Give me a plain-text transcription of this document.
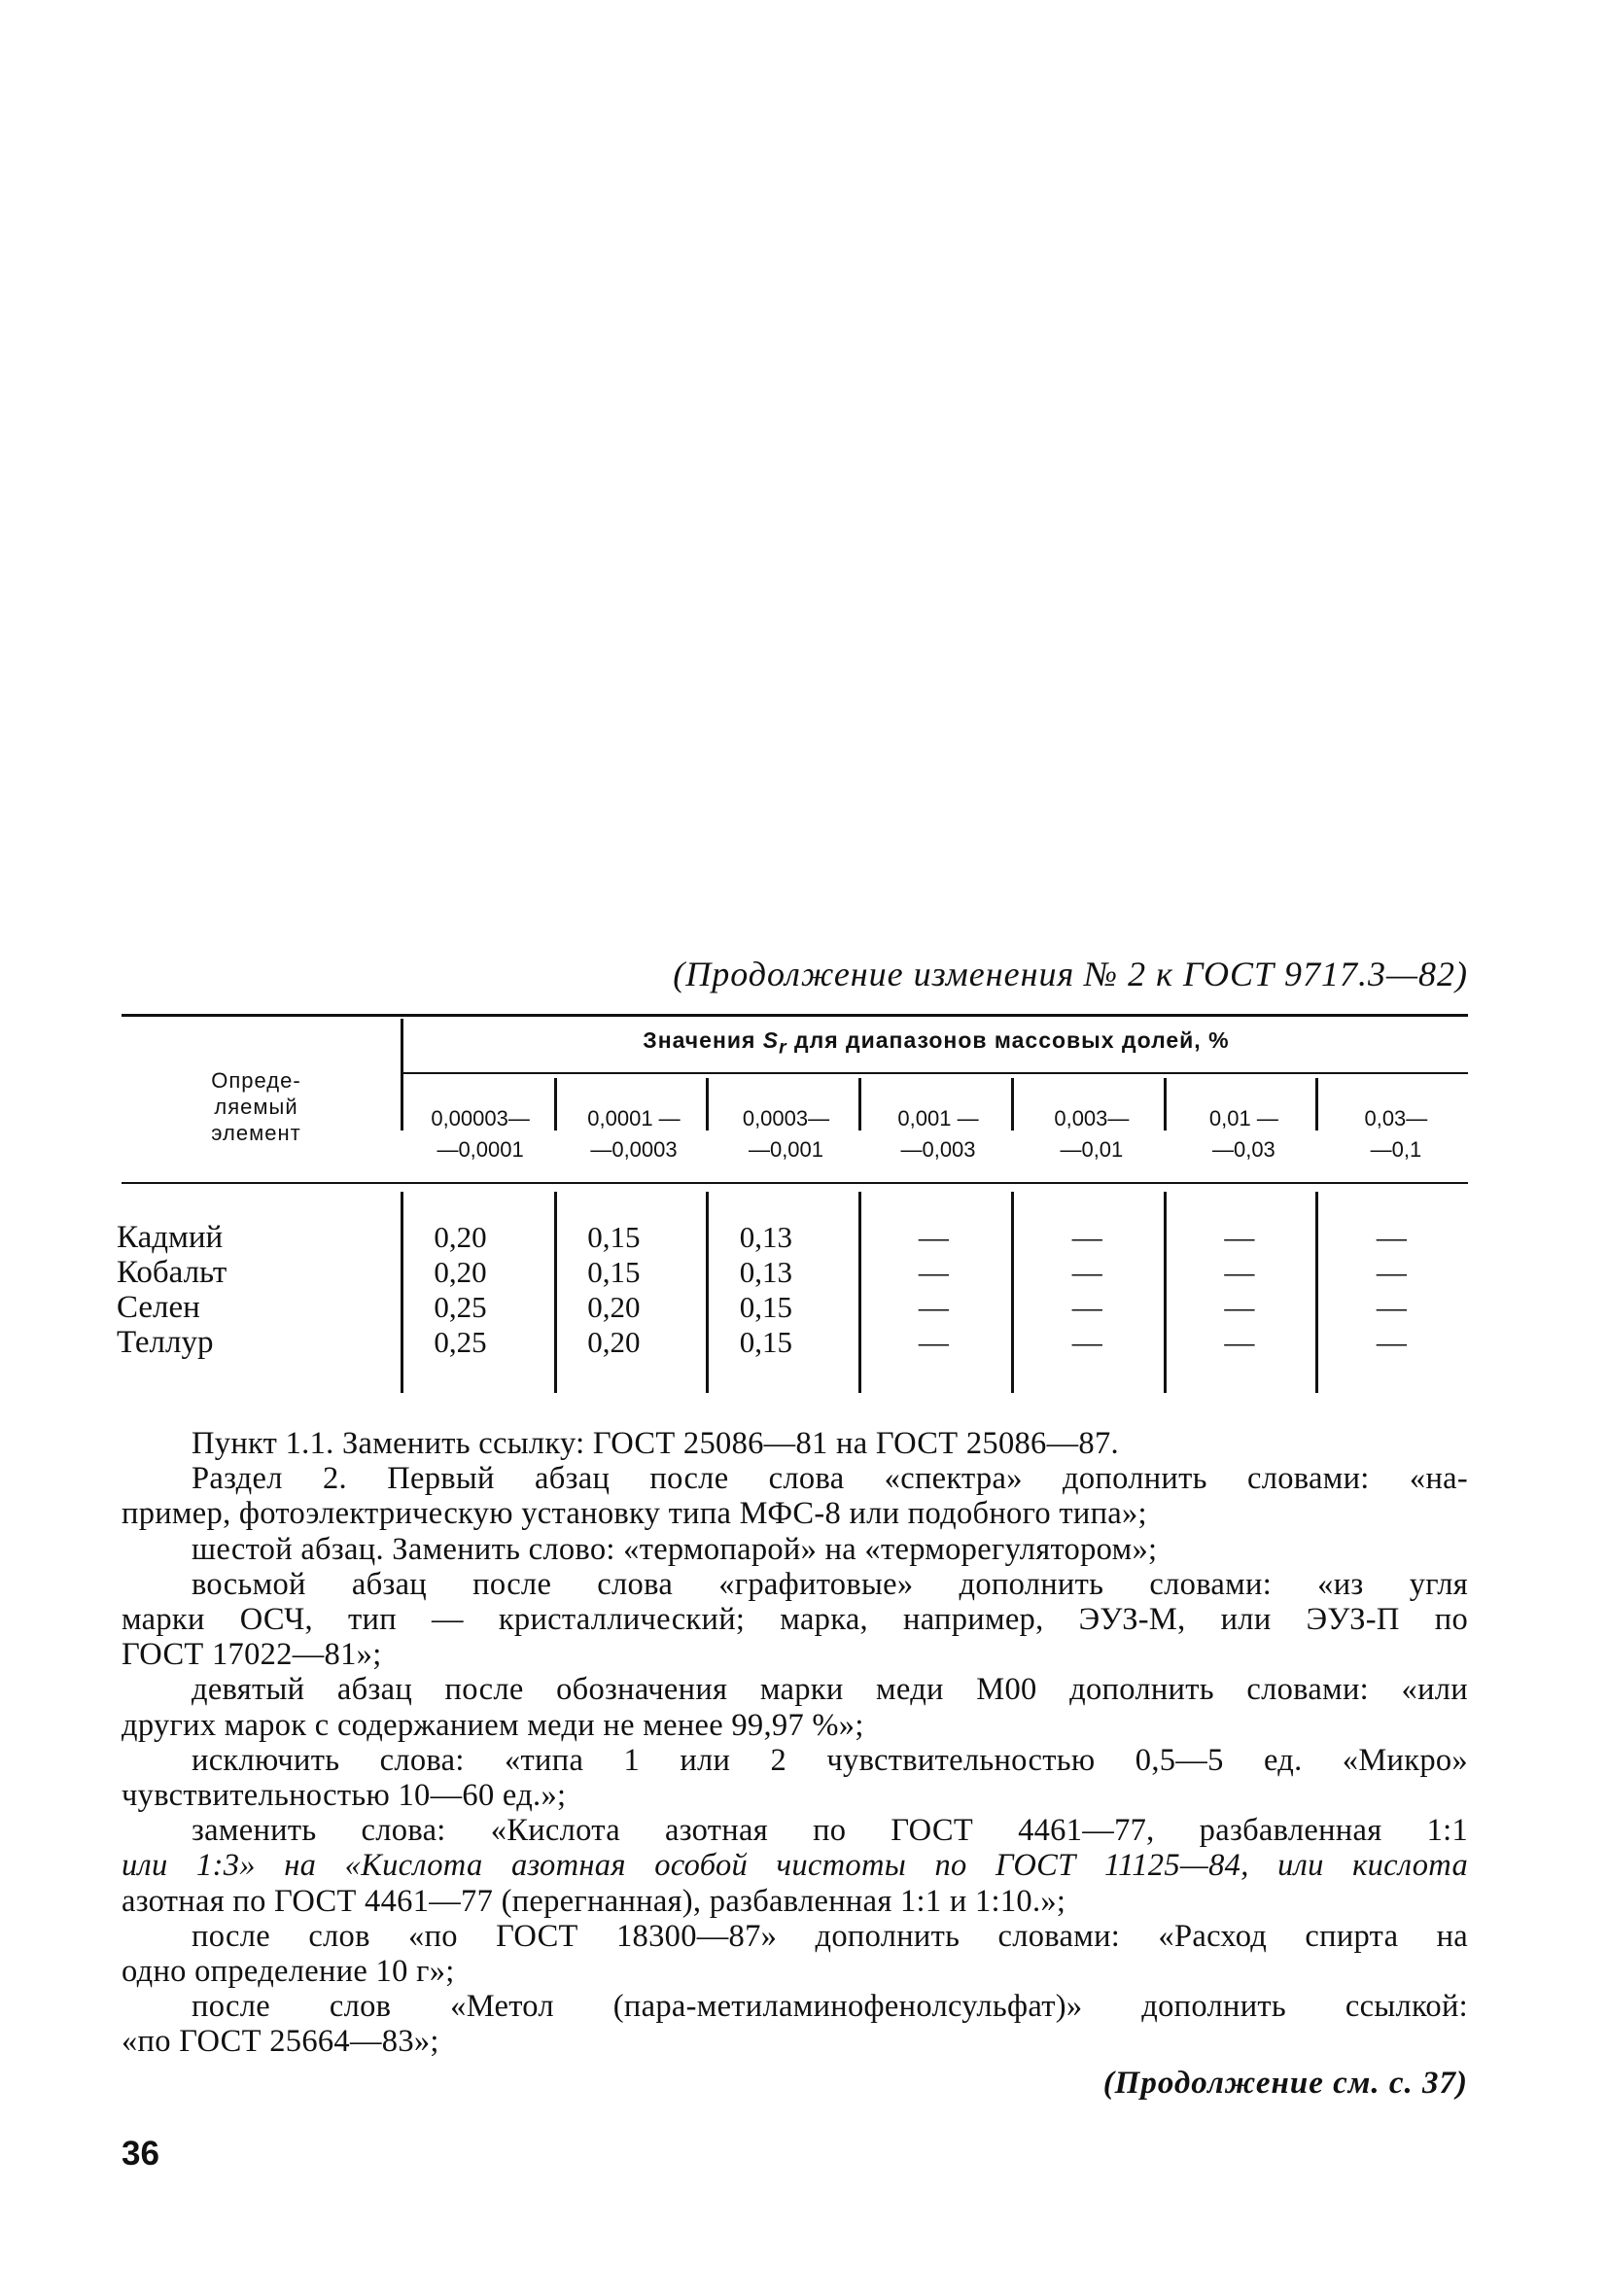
(Продолжение изменения № 2 к ГОСТ 9717.3—82)
Опреде-
ляемый
элемент
Значения $S_r$ для диапазонов массовых долей, %
0,00003—
—0,0001
0,0001 —
—0,0003
0,0003—
—0,001
0,001 —
—0,003
0,003—
—0,01
0,01 —
—0,03
0,03—
—0,1
Кадмий
Кобальт
Селен
Теллур
0,20
0,20
0,25
0,25
0,15
0,15
0,20
0,20
0,13
0,13
0,15
0,15
—
—
—
—
—
—
—
—
—
—
—
—
—
—
—
—
Пункт 1.1. Заменить ссылку: ГОСТ 25086—81 на ГОСТ 25086—87.
Раздел 2. Первый абзац после слова «спектра» дополнить словами: «на-
пример, фотоэлектрическую установку типа МФС-8 или подобного типа»;
шестой абзац. Заменить слово: «термопарой» на «терморегулятором»;
восьмой абзац после слова «графитовые» дополнить словами: «из угля
марки ОСЧ, тип — кристаллический; марка, например, ЭУЗ-М, или ЭУЗ-П по
ГОСТ 17022—81»;
девятый абзац после обозначения марки меди М00 дополнить словами: «или
других марок с содержанием меди не менее 99,97 %»;
исключить слова: «типа 1 или 2 чувствительностью 0,5—5 ед. «Микро»
чувствительностью 10—60 ед.»;
заменить слова: «Кислота азотная по ГОСТ 4461—77, разбавленная 1:1
или 1:3» на «Кислота азотная особой чистоты по ГОСТ 11125—84, или кислота
азотная по ГОСТ 4461—77 (перегнанная), разбавленная 1:1 и 1:10.»;
после слов «по ГОСТ 18300—87» дополнить словами: «Расход спирта на
одно определение 10 г»;
после слов «Метол (пара-метиламинофенолсульфат)» дополнить ссылкой:
«по ГОСТ 25664—83»;
(Продолжение см. с. 37)
36
